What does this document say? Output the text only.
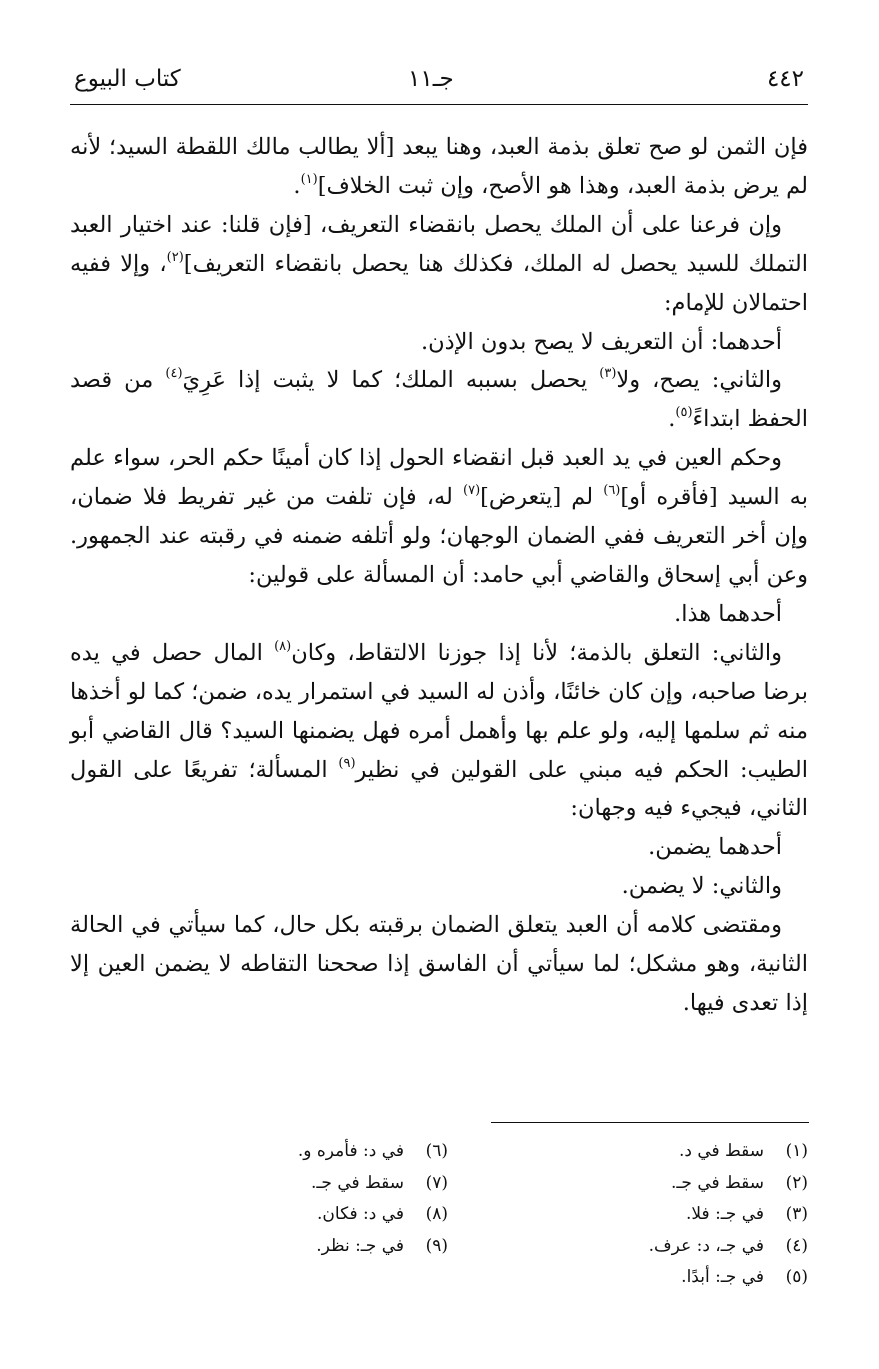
٤٤٢
جـ١١
كتاب البيوع

فإن الثمن لو صح تعلق بذمة العبد، وهنا يبعد [ألا يطالب مالك اللقطة السيد؛ لأنه لم يرض بذمة العبد، وهذا هو الأصح، وإن ثبت الخلاف]$^{(١)}$.

وإن فرعنا على أن الملك يحصل بانقضاء التعريف، [فإن قلنا: عند اختيار العبد التملك للسيد يحصل له الملك، فكذلك هنا يحصل بانقضاء التعريف]$^{(٢)}$، وإلا ففيه احتمالان للإمام:

أحدهما: أن التعريف لا يصح بدون الإذن.

والثاني: يصح، ولا$^{(٣)}$ يحصل بسببه الملك؛ كما لا يثبت إذا عَرِيَ$^{(٤)}$ من قصد الحفظ ابتداءً$^{(٥)}$.

وحكم العين في يد العبد قبل انقضاء الحول إذا كان أمينًا حكم الحر، سواء علم به السيد [فأقره أو]$^{(٦)}$ لم [يتعرض]$^{(٧)}$ له، فإن تلفت من غير تفريط فلا ضمان، وإن أخر التعريف ففي الضمان الوجهان؛ ولو أتلفه ضمنه في رقبته عند الجمهور. وعن أبي إسحاق والقاضي أبي حامد: أن المسألة على قولين:

أحدهما هذا.

والثاني: التعلق بالذمة؛ لأنا إذا جوزنا الالتقاط، وكان$^{(٨)}$ المال حصل في يده برضا صاحبه، وإن كان خائنًا، وأذن له السيد في استمرار يده، ضمن؛ كما لو أخذها منه ثم سلمها إليه، ولو علم بها وأهمل أمره فهل يضمنها السيد؟ قال القاضي أبو الطيب: الحكم فيه مبني على القولين في نظير$^{(٩)}$ المسألة؛ تفريعًا على القول الثاني، فيجيء فيه وجهان:

أحدهما يضمن.

والثاني: لا يضمن.

ومقتضى كلامه أن العبد يتعلق الضمان برقبته بكل حال، كما سيأتي في الحالة الثانية، وهو مشكل؛ لما سيأتي أن الفاسق إذا صححنا التقاطه لا يضمن العين إلا إذا تعدى فيها.

(١)سقط في د.
(٢)سقط في جـ.
(٣)في جـ: فلا.
(٤)في جـ، د: عرف.
(٥)في جـ: أبدًا.
(٦)في د: فأمره و.
(٧)سقط في جـ.
(٨)في د: فكان.
(٩)في جـ: نظر.
